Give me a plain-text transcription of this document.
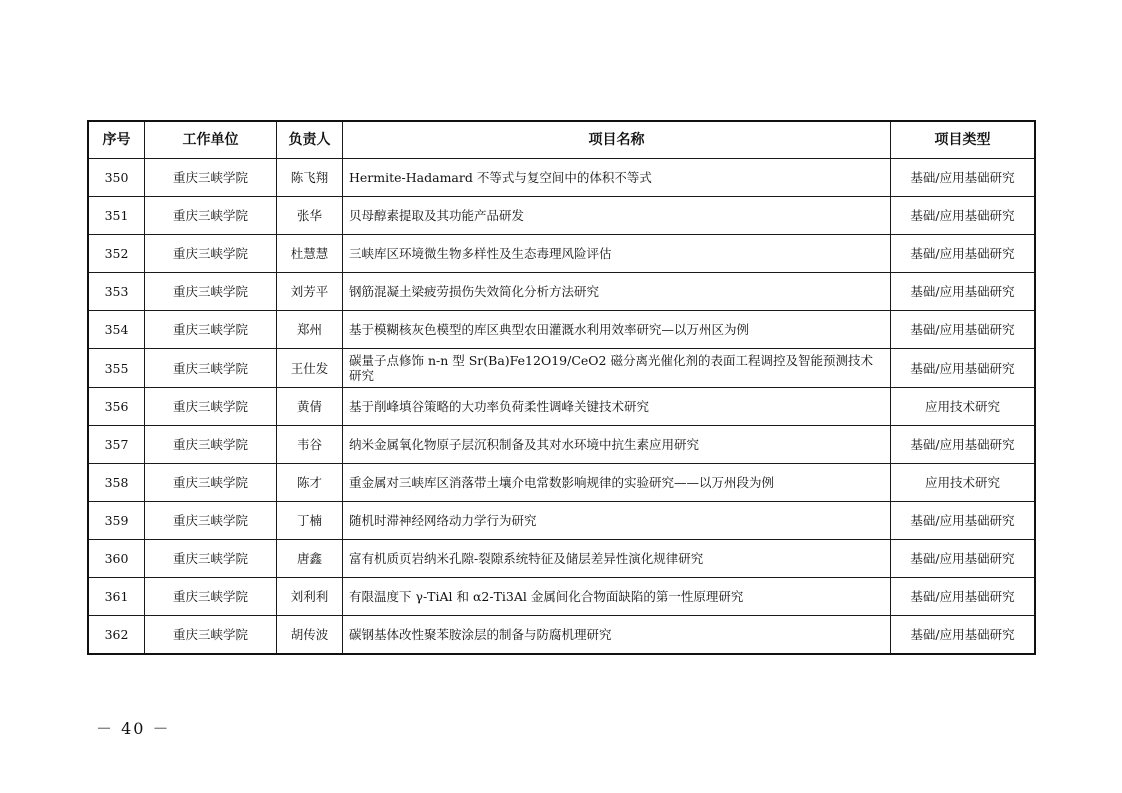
序号	工作单位	负责人	项目名称	项目类型
350	重庆三峡学院	陈飞翔	Hermite-Hadamard 不等式与复空间中的体积不等式	基础/应用基础研究
351	重庆三峡学院	张华	贝母醇素提取及其功能产品研发	基础/应用基础研究
352	重庆三峡学院	杜慧慧	三峡库区环境微生物多样性及生态毒理风险评估	基础/应用基础研究
353	重庆三峡学院	刘芳平	钢筋混凝土梁疲劳损伤失效简化分析方法研究	基础/应用基础研究
354	重庆三峡学院	郑州	基于模糊核灰色模型的库区典型农田灌溉水利用效率研究—以万州区为例	基础/应用基础研究
355	重庆三峡学院	王仕发	碳量子点修饰 n-n 型 Sr(Ba)Fe12O19/CeO2 磁分离光催化剂的表面工程调控及智能预测技术研究	基础/应用基础研究
356	重庆三峡学院	黄倩	基于削峰填谷策略的大功率负荷柔性调峰关键技术研究	应用技术研究
357	重庆三峡学院	韦谷	纳米金属氧化物原子层沉积制备及其对水环境中抗生素应用研究	基础/应用基础研究
358	重庆三峡学院	陈才	重金属对三峡库区消落带土壤介电常数影响规律的实验研究——以万州段为例	应用技术研究
359	重庆三峡学院	丁楠	随机时滞神经网络动力学行为研究	基础/应用基础研究
360	重庆三峡学院	唐鑫	富有机质页岩纳米孔隙-裂隙系统特征及储层差异性演化规律研究	基础/应用基础研究
361	重庆三峡学院	刘利利	有限温度下 γ-TiAl 和 α2-Ti3Al 金属间化合物面缺陷的第一性原理研究	基础/应用基础研究
362	重庆三峡学院	胡传波	碳钢基体改性聚苯胺涂层的制备与防腐机理研究	基础/应用基础研究
－ 40 －
